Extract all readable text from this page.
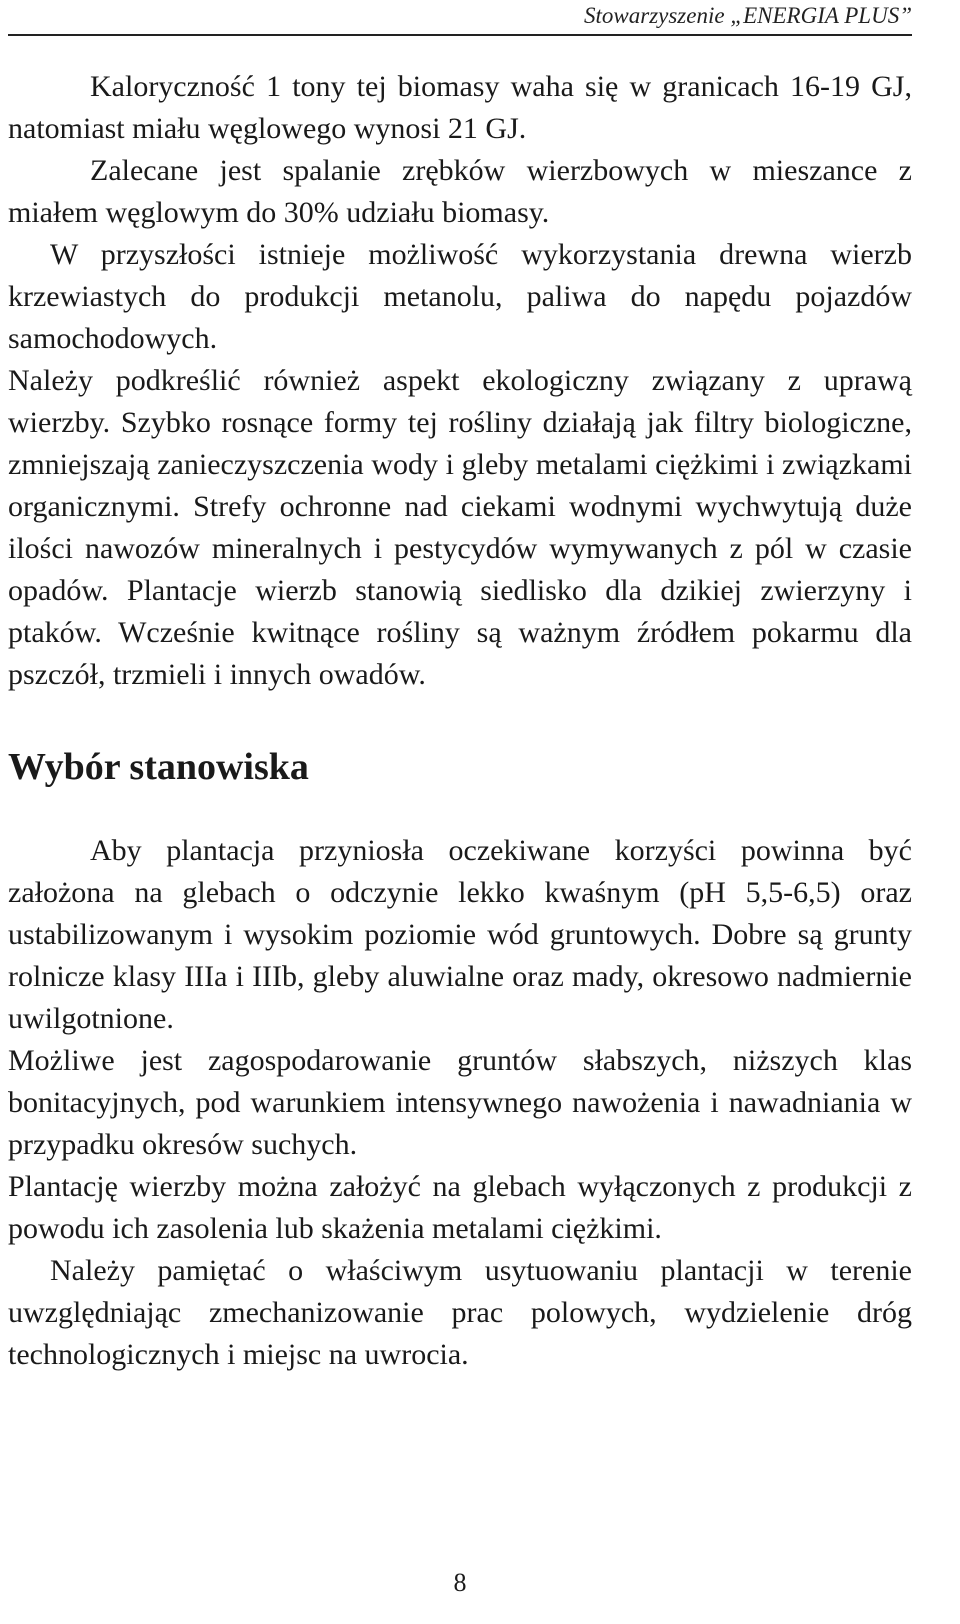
Stowarzyszenie „ENERGIA PLUS”

Kaloryczność 1 tony tej biomasy waha się w granicach 16-19 GJ, natomiast miału węglowego wynosi 21 GJ.

Zalecane jest spalanie zrębków wierzbowych w mieszance z miałem węglowym do 30% udziału biomasy.

W przyszłości istnieje możliwość wykorzystania drewna wierzb krzewiastych do produkcji metanolu, paliwa do napędu pojazdów samochodowych.

Należy podkreślić również aspekt ekologiczny związany z uprawą wierzby. Szybko rosnące formy tej rośliny działają jak filtry biologiczne, zmniejszają zanieczyszczenia wody i gleby metalami ciężkimi i związkami organicznymi. Strefy ochronne nad ciekami wodnymi wychwytują duże ilości nawozów mineralnych i pestycydów wymywanych z pól w czasie opadów. Plantacje wierzb stanowią siedlisko dla dzikiej zwierzyny i ptaków. Wcześnie kwitnące rośliny są ważnym źródłem pokarmu dla pszczół, trzmieli i innych owadów.

Wybór stanowiska

Aby plantacja przyniosła oczekiwane korzyści powinna być założona na glebach o odczynie lekko kwaśnym (pH 5,5-6,5) oraz ustabilizowanym i wysokim poziomie wód gruntowych. Dobre są grunty rolnicze klasy IIIa i IIIb, gleby aluwialne oraz mady, okresowo nadmiernie uwilgotnione.

Możliwe jest zagospodarowanie gruntów słabszych, niższych klas bonitacyjnych, pod warunkiem intensywnego nawożenia i nawadniania w przypadku okresów suchych.

Plantację wierzby można założyć na glebach wyłączonych z produkcji z powodu ich zasolenia lub skażenia metalami ciężkimi.

Należy pamiętać o właściwym usytuowaniu plantacji w terenie uwzględniając zmechanizowanie prac polowych, wydzielenie dróg technologicznych i miejsc na uwrocia.

8
